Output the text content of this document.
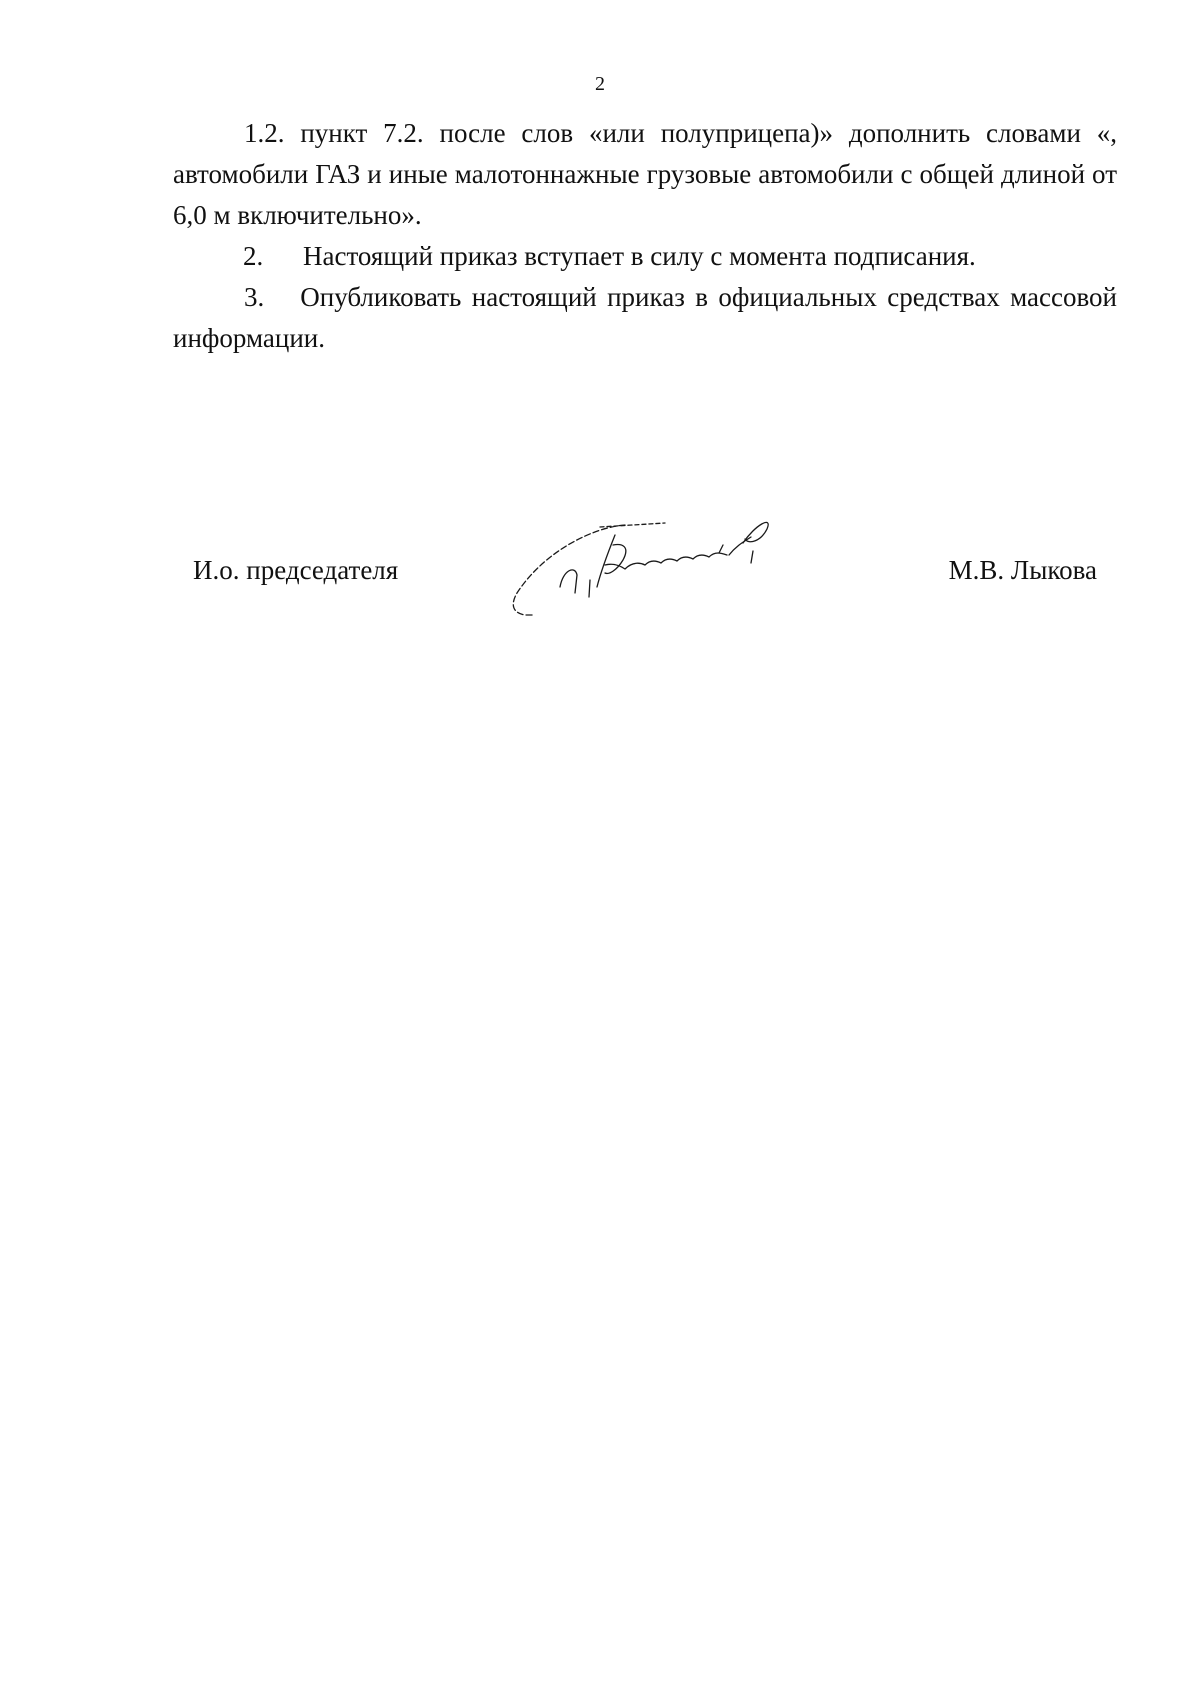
2

1.2. пункт 7.2. после слов «или полуприцепа)» дополнить словами «, автомобили ГАЗ и иные малотоннажные грузовые автомобили с общей длиной от 6,0 м включительно».

2.	Настоящий приказ вступает в силу с момента подписания.

3. Опубликовать настоящий приказ в официальных средствах массовой информации.

И.о. председателя	М.В. Лыкова
